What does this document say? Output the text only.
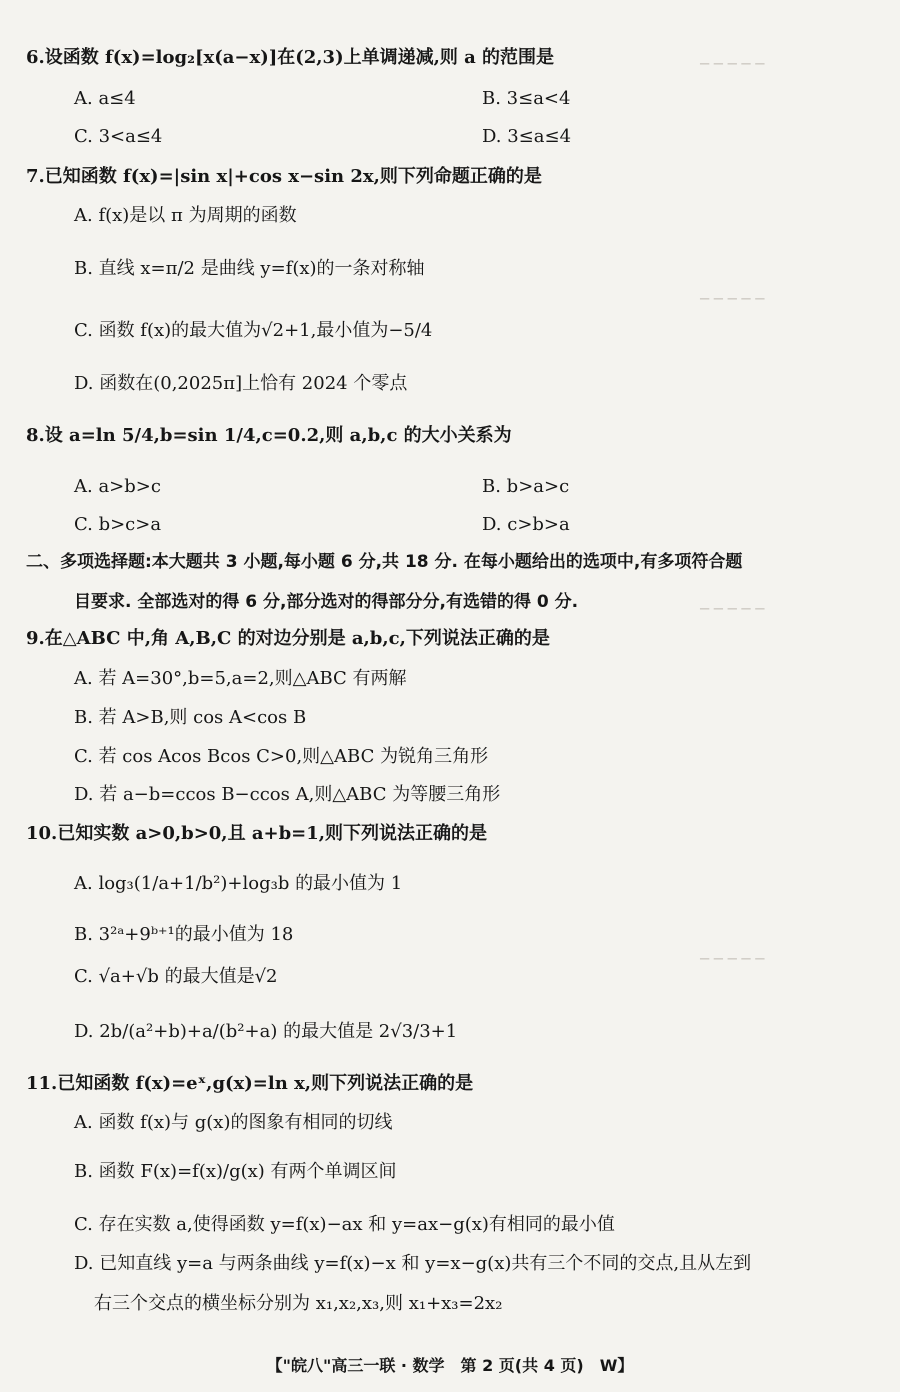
─ ─ ─ ─ ─
─ ─ ─ ─ ─
─ ─ ─ ─ ─
─ ─ ─ ─ ─
6.设函数 f(x)=log₂[x(a−x)]在(2,3)上单调递减,则 a 的范围是
A. a≤4	B. 3≤a<4
C. 3<a≤4	D. 3≤a≤4
7.已知函数 f(x)=|sin x|+cos x−sin 2x,则下列命题正确的是
A. f(x)是以 π 为周期的函数
B. 直线 x=π/2 是曲线 y=f(x)的一条对称轴
C. 函数 f(x)的最大值为√2+1,最小值为−5/4
D. 函数在(0,2025π]上恰有 2024 个零点
8.设 a=ln 5/4,b=sin 1/4,c=0.2,则 a,b,c 的大小关系为
A. a>b>c	B. b>a>c
C. b>c>a	D. c>b>a
二、多项选择题:本大题共 3 小题,每小题 6 分,共 18 分. 在每小题给出的选项中,有多项符合题
目要求. 全部选对的得 6 分,部分选对的得部分分,有选错的得 0 分.
9.在△ABC 中,角 A,B,C 的对边分别是 a,b,c,下列说法正确的是
A. 若 A=30°,b=5,a=2,则△ABC 有两解
B. 若 A>B,则 cos A<cos B
C. 若 cos Acos Bcos C>0,则△ABC 为锐角三角形
D. 若 a−b=ccos B−ccos A,则△ABC 为等腰三角形
10.已知实数 a>0,b>0,且 a+b=1,则下列说法正确的是
A. log₃(1/a+1/b²)+log₃b 的最小值为 1
B. 3²ᵃ+9ᵇ⁺¹的最小值为 18
C. √a+√b 的最大值是√2
D. 2b/(a²+b)+a/(b²+a) 的最大值是 2√3/3+1
11.已知函数 f(x)=eˣ,g(x)=ln x,则下列说法正确的是
A. 函数 f(x)与 g(x)的图象有相同的切线
B. 函数 F(x)=f(x)/g(x) 有两个单调区间
C. 存在实数 a,使得函数 y=f(x)−ax 和 y=ax−g(x)有相同的最小值
D. 已知直线 y=a 与两条曲线 y=f(x)−x 和 y=x−g(x)共有三个不同的交点,且从左到
右三个交点的横坐标分别为 x₁,x₂,x₃,则 x₁+x₃=2x₂
【"皖八"高三一联 · 数学　第 2 页(共 4 页)　W】
